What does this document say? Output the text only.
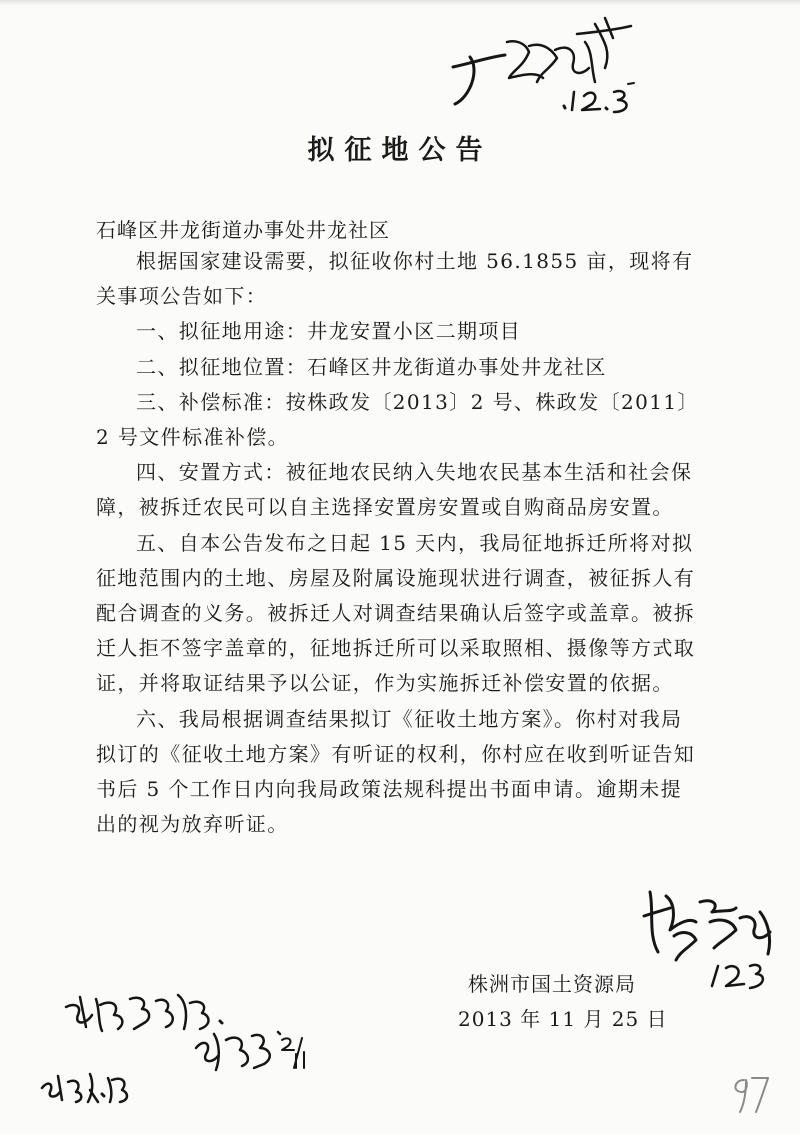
拟征地公告
石峰区井龙街道办事处井龙社区

根据国家建设需要，拟征收你村土地 56.1855 亩，现将有关事项公告如下：

一、拟征地用途：井龙安置小区二期项目

二、拟征地位置：石峰区井龙街道办事处井龙社区

三、补偿标准：按株政发〔2013〕2 号、株政发〔2011〕2 号文件标准补偿。

四、安置方式：被征地农民纳入失地农民基本生活和社会保障，被拆迁农民可以自主选择安置房安置或自购商品房安置。

五、自本公告发布之日起 15 天内，我局征地拆迁所将对拟征地范围内的土地、房屋及附属设施现状进行调查，被征拆人有配合调查的义务。被拆迁人对调查结果确认后签字或盖章。被拆迁人拒不签字盖章的，征地拆迁所可以采取照相、摄像等方式取证，并将取证结果予以公证，作为实施拆迁补偿安置的依据。

六、我局根据调查结果拟订《征收土地方案》。你村对我局拟订的《征收土地方案》有听证的权利，你村应在收到听证告知书后 5 个工作日内向我局政策法规科提出书面申请。逾期未提出的视为放弃听证。

株洲市国土资源局
2013 年 11 月 25 日
